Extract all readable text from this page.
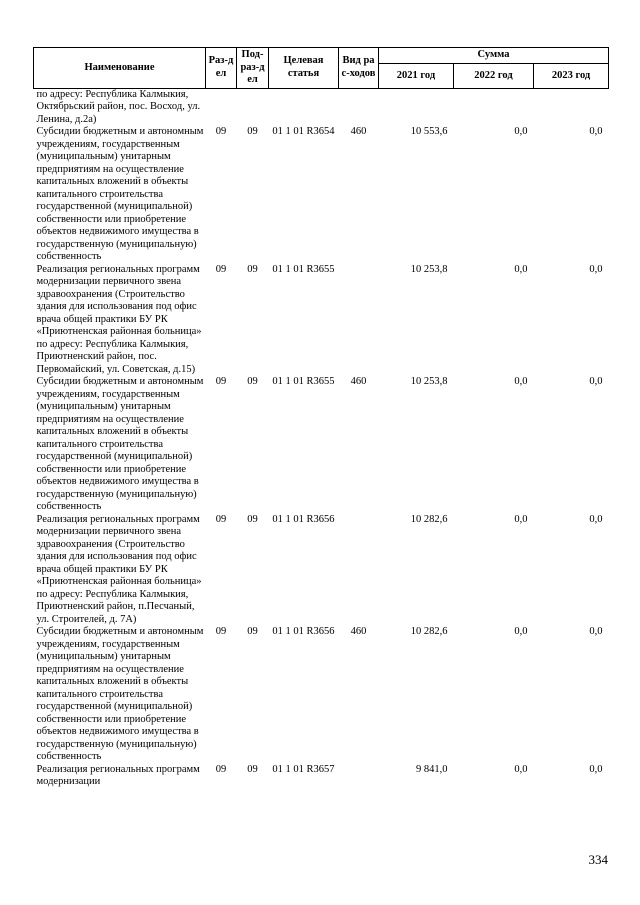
Наименование	Раз-дел	Под-раз-дел	Целевая статья	Вид рас-ходов	Сумма		
					2021 год	2022 год	2023 год
по адресу: Республика Калмыкия, Октябрьский район, пос. Восход, ул. Ленина, д.2а)							
Субсидии бюджетным и автономным учреждениям, государственным (муниципальным) унитарным предприятиям на осуществление капитальных вложений в объекты капитального строительства государственной (муниципальной) собственности или приобретение объектов недвижимого имущества в государственную (муниципальную) собственность	09	09	01 1 01 R3654	460	10 553,6	0,0	0,0
Реализация региональных программ модернизации первичного звена здравоохранения (Строительство здания для использования под офис врача общей практики БУ РК «Приютненская районная больница» по адресу: Республика Калмыкия, Приютненский район, пос. Первомайский, ул. Советская, д.15)	09	09	01 1 01 R3655		10 253,8	0,0	0,0
Субсидии бюджетным и автономным учреждениям, государственным (муниципальным) унитарным предприятиям на осуществление капитальных вложений в объекты капитального строительства государственной (муниципальной) собственности или приобретение объектов недвижимого имущества в государственную (муниципальную) собственность	09	09	01 1 01 R3655	460	10 253,8	0,0	0,0
Реализация региональных программ модернизации первичного звена здравоохранения (Строительство здания для использования под офис врача общей практики БУ РК «Приютненская районная больница» по адресу: Республика Калмыкия, Приютненский район, п.Песчаный, ул. Строителей, д. 7А)	09	09	01 1 01 R3656		10 282,6	0,0	0,0
Субсидии бюджетным и автономным учреждениям, государственным (муниципальным) унитарным предприятиям на осуществление капитальных вложений в объекты капитального строительства государственной (муниципальной) собственности или приобретение объектов недвижимого имущества в государственную (муниципальную) собственность	09	09	01 1 01 R3656	460	10 282,6	0,0	0,0
Реализация региональных программ модернизации	09	09	01 1 01 R3657		9 841,0	0,0	0,0
334
